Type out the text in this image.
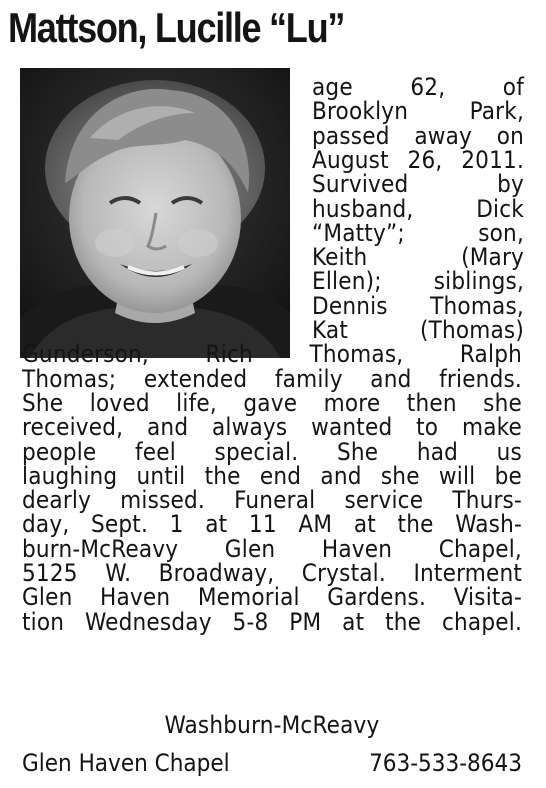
Mattson, Lucille “Lu”
age 62, of
Brooklyn Park,
passed away on
August 26, 2011.
Survived by
husband, Dick
“Matty”; son,
Keith (Mary
Ellen); siblings,
Dennis Thomas,
Kat (Thomas)
Gunderson, Rich Thomas, Ralph
Thomas; extended family and friends.
She loved life, gave more then she
received, and always wanted to make
people feel special. She had us
laughing until the end and she will be
dearly missed. Funeral service Thurs-
day, Sept. 1 at 11 AM at the Wash-
burn-McReavy Glen Haven Chapel,
5125 W. Broadway, Crystal. Interment
Glen Haven Memorial Gardens. Visita-
tion Wednesday 5-8 PM at the chapel.
Washburn-McReavy
Glen Haven Chapel	763-533-8643
